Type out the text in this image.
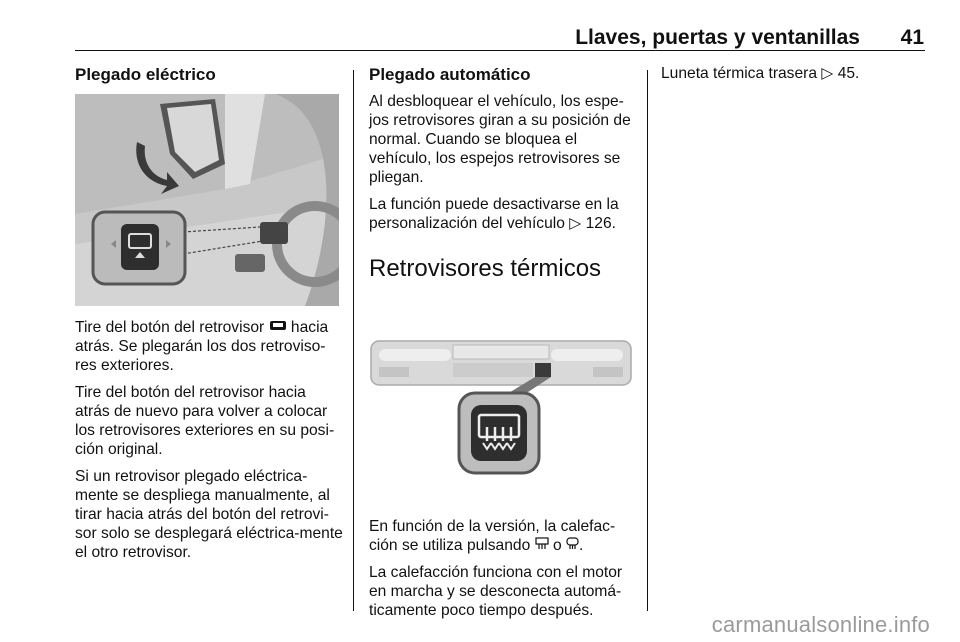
Llaves, puertas y ventanillas 41
Plegado eléctrico

Tire del botón del retrovisor hacia atrás. Se plegarán los dos retroviso-res exteriores.

Tire del botón del retrovisor hacia atrás de nuevo para volver a colocar los retrovisores exteriores en su posi-ción original.

Si un retrovisor plegado eléctrica-mente se despliega manualmente, al tirar hacia atrás del botón del retrovi-sor solo se desplegará eléctrica-mente el otro retrovisor.

Plegado automático

Al desbloquear el vehículo, los espe-jos retrovisores giran a su posición de normal. Cuando se bloquea el vehículo, los espejos retrovisores se pliegan.

La función puede desactivarse en la personalización del vehículo ▷ 126.

Retrovisores térmicos

En función de la versión, la calefac-ción se utiliza pulsando o .

La calefacción funciona con el motor en marcha y se desconecta automá-ticamente poco tiempo después.

Luneta térmica trasera ▷ 45.

carmanualsonline.info
